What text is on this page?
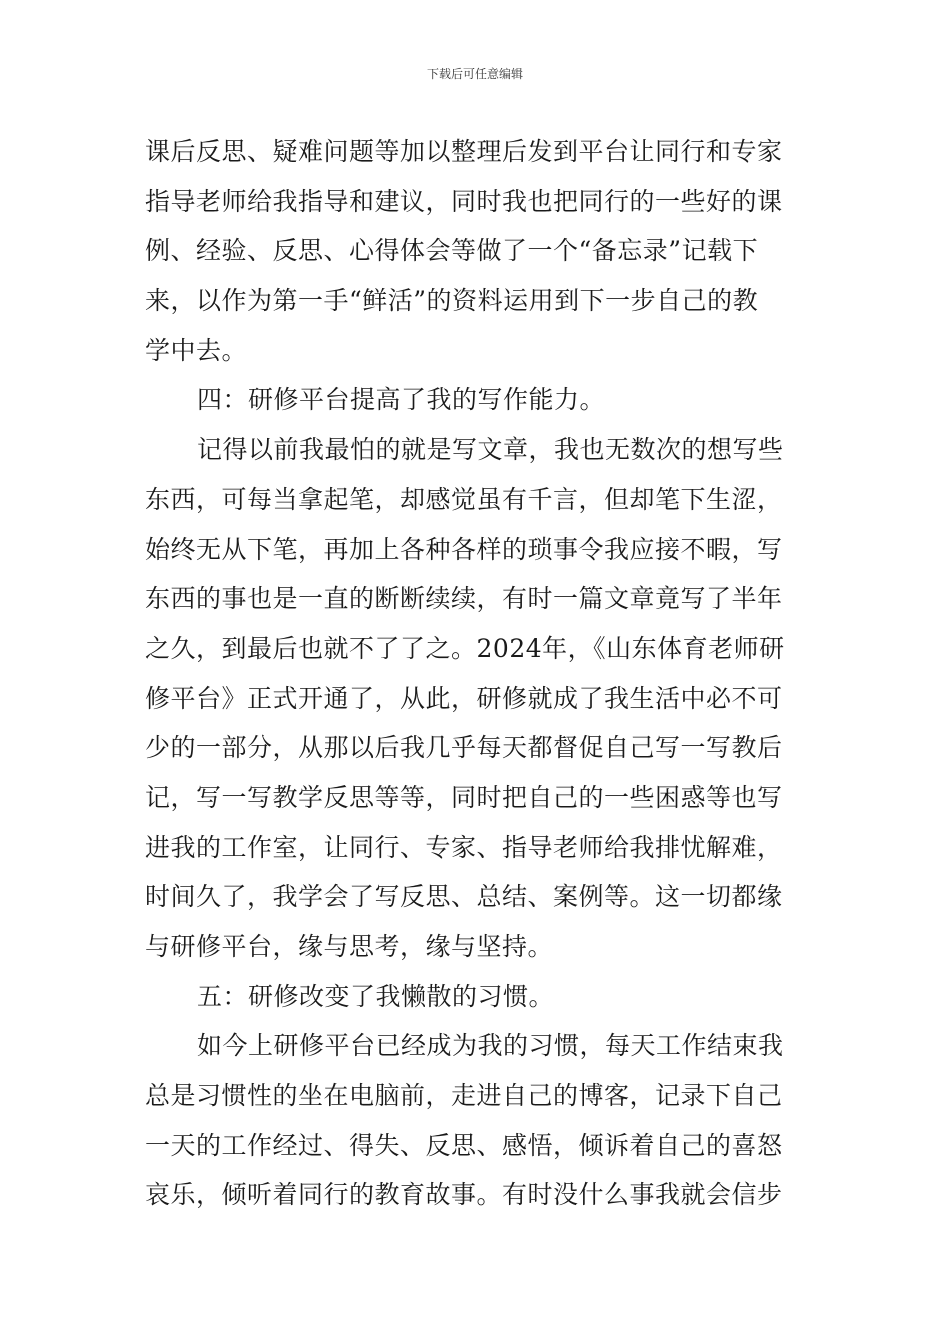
下载后可任意编辑
课后反思、疑难问题等加以整理后发到平台让同行和专家
指导老师给我指导和建议，同时我也把同行的一些好的课
例、经验、反思、心得体会等做了一个“备忘录”记载下
来，以作为第一手“鲜活”的资料运用到下一步自己的教
学中去。
四：研修平台提高了我的写作能力。
记得以前我最怕的就是写文章，我也无数次的想写些
东西，可每当拿起笔，却感觉虽有千言，但却笔下生涩，
始终无从下笔，再加上各种各样的琐事令我应接不暇，写
东西的事也是一直的断断续续，有时一篇文章竟写了半年
之久，到最后也就不了了之。2024年，《山东体育老师研
修平台》正式开通了，从此，研修就成了我生活中必不可
少的一部分，从那以后我几乎每天都督促自己写一写教后
记，写一写教学反思等等，同时把自己的一些困惑等也写
进我的工作室，让同行、专家、指导老师给我排忧解难，
时间久了，我学会了写反思、总结、案例等。这一切都缘
与研修平台，缘与思考，缘与坚持。
五：研修改变了我懒散的习惯。
如今上研修平台已经成为我的习惯，每天工作结束我
总是习惯性的坐在电脑前，走进自己的博客，记录下自己
一天的工作经过、得失、反思、感悟，倾诉着自己的喜怒
哀乐，倾听着同行的教育故事。有时没什么事我就会信步
